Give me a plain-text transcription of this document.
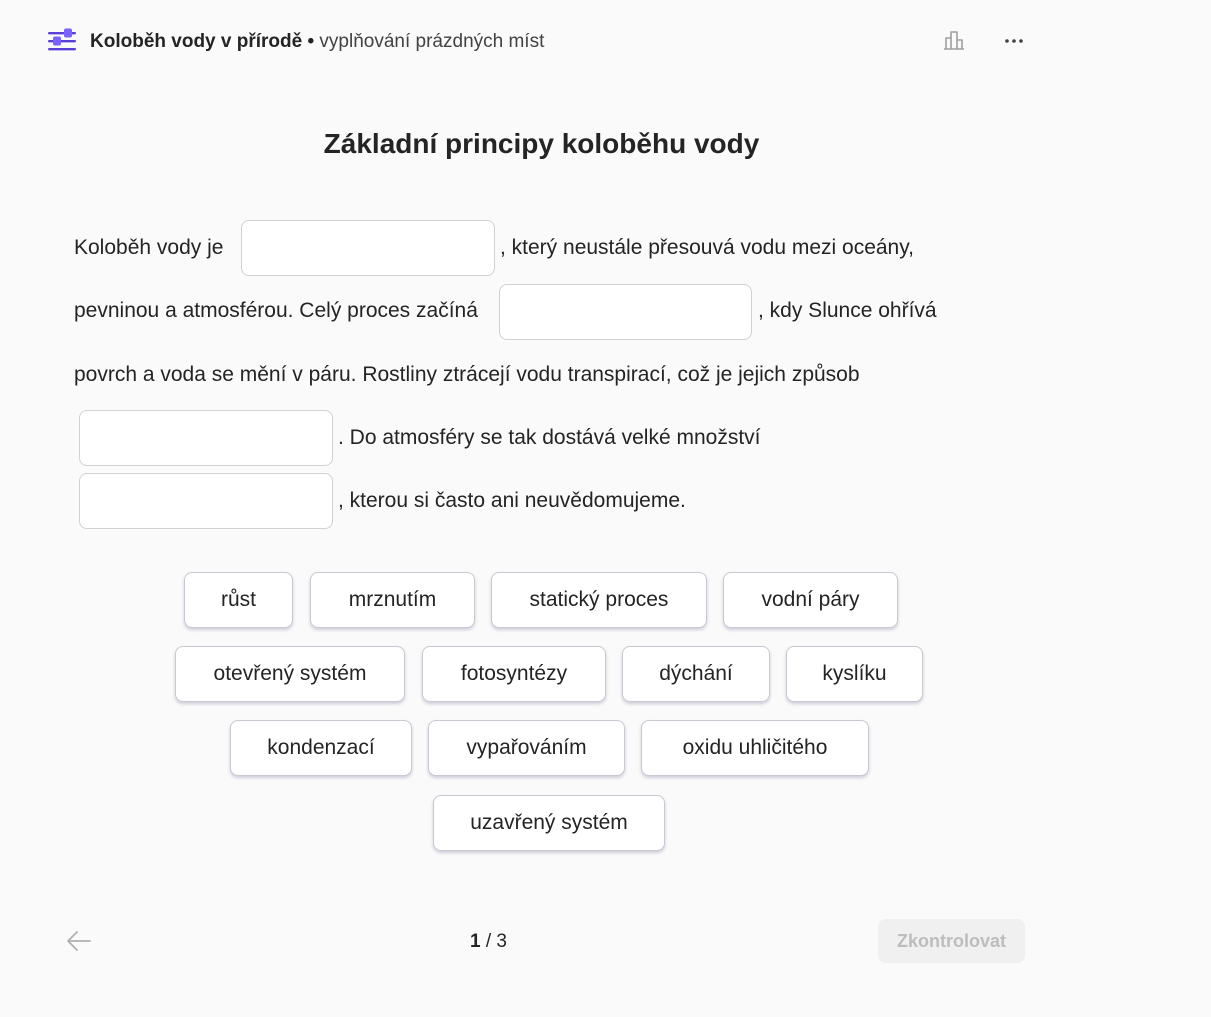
Koloběh vody v přírodě • vyplňování prázdných míst
Základní principy koloběhu vody
Koloběh vody je	, který neustále přesouvá vodu mezi oceány,
pevninou a atmosférou. Celý proces začíná	, kdy Slunce ohřívá
povrch a voda se mění v páru. Rostliny ztrácejí vodu transpirací, což je jejich způsob
. Do atmosféry se tak dostává velké množství
, kterou si často ani neuvědomujeme.
růst	mrznutím	statický proces	vodní páry
otevřený systém	fotosyntézy	dýchání	kyslíku
kondenzací	vypařováním	oxidu uhličitého
uzavřený systém
1 / 3	Zkontrolovat
